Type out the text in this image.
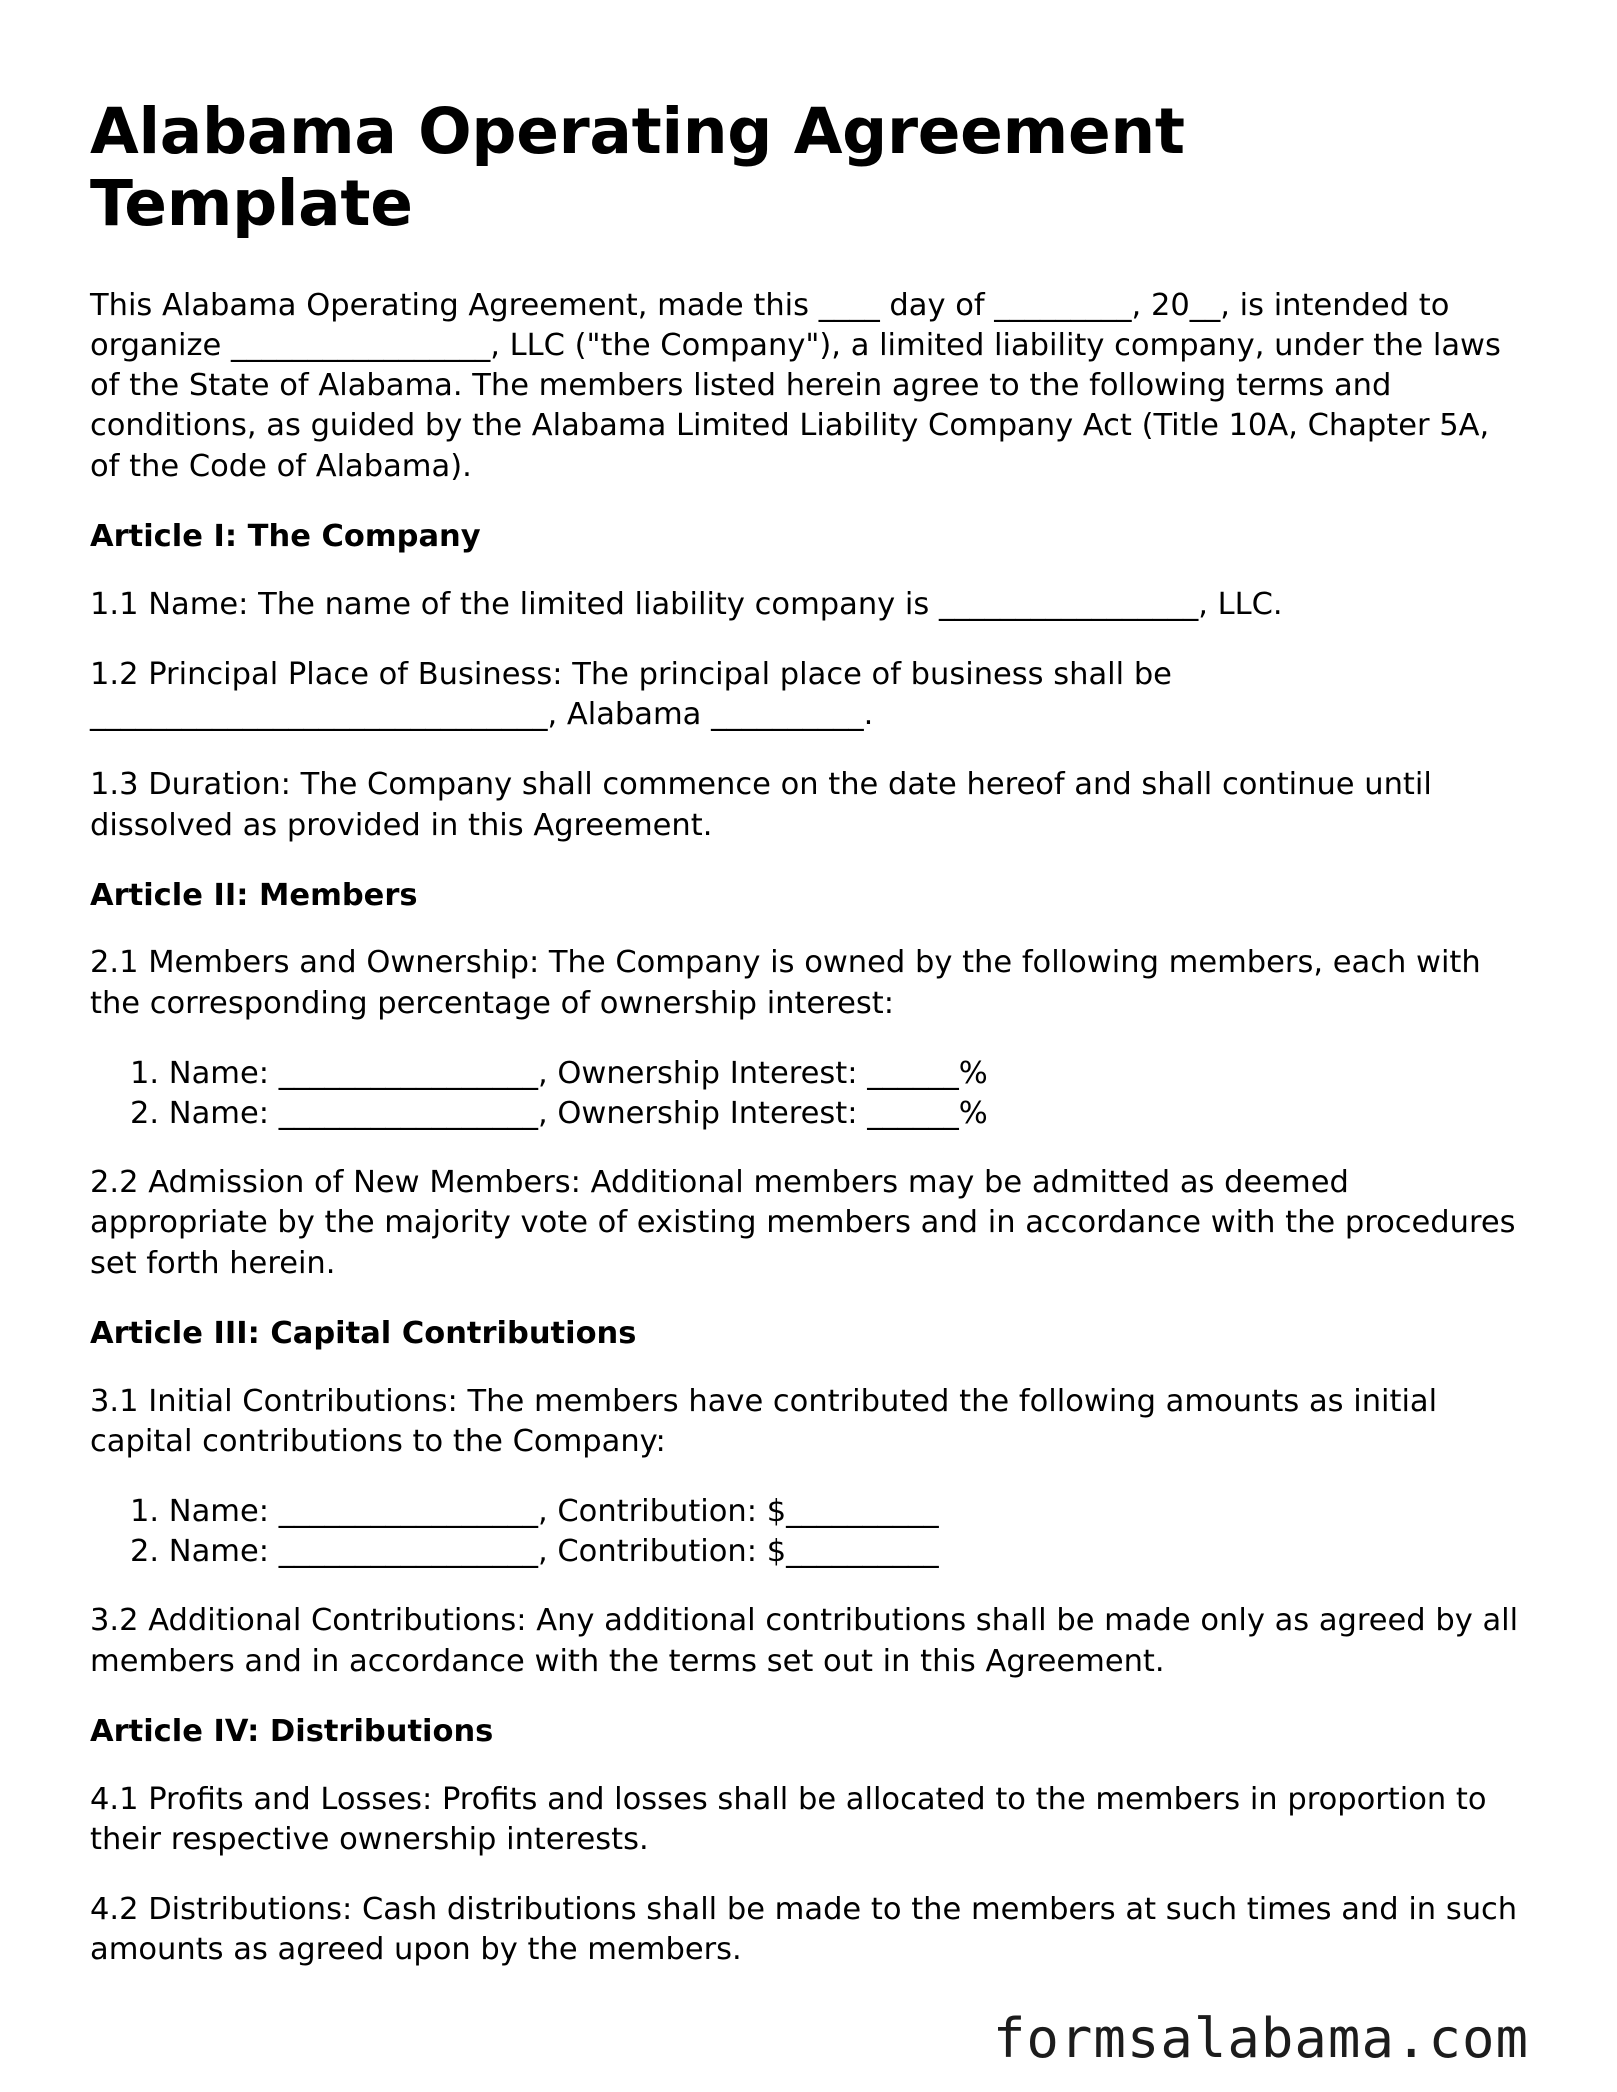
Alabama Operating Agreement Template

This Alabama Operating Agreement, made this ____ day of _________, 20__, is intended to organize _________________, LLC ("the Company"), a limited liability company, under the laws of the State of Alabama. The members listed herein agree to the following terms and conditions, as guided by the Alabama Limited Liability Company Act (Title 10A, Chapter 5A, of the Code of Alabama).

Article I: The Company

1.1 Name: The name of the limited liability company is _________________, LLC.

1.2 Principal Place of Business: The principal place of business shall be ______________________________, Alabama __________.

1.3 Duration: The Company shall commence on the date hereof and shall continue until dissolved as provided in this Agreement.

Article II: Members

2.1 Members and Ownership: The Company is owned by the following members, each with the corresponding percentage of ownership interest:

1. Name: _________________, Ownership Interest: ______%
2. Name: _________________, Ownership Interest: ______%

2.2 Admission of New Members: Additional members may be admitted as deemed appropriate by the majority vote of existing members and in accordance with the procedures set forth herein.

Article III: Capital Contributions

3.1 Initial Contributions: The members have contributed the following amounts as initial capital contributions to the Company:

1. Name: _________________, Contribution: $__________
2. Name: _________________, Contribution: $__________

3.2 Additional Contributions: Any additional contributions shall be made only as agreed by all members and in accordance with the terms set out in this Agreement.

Article IV: Distributions

4.1 Profits and Losses: Profits and losses shall be allocated to the members in proportion to their respective ownership interests.

4.2 Distributions: Cash distributions shall be made to the members at such times and in such amounts as agreed upon by the members.

formsalabama.com
